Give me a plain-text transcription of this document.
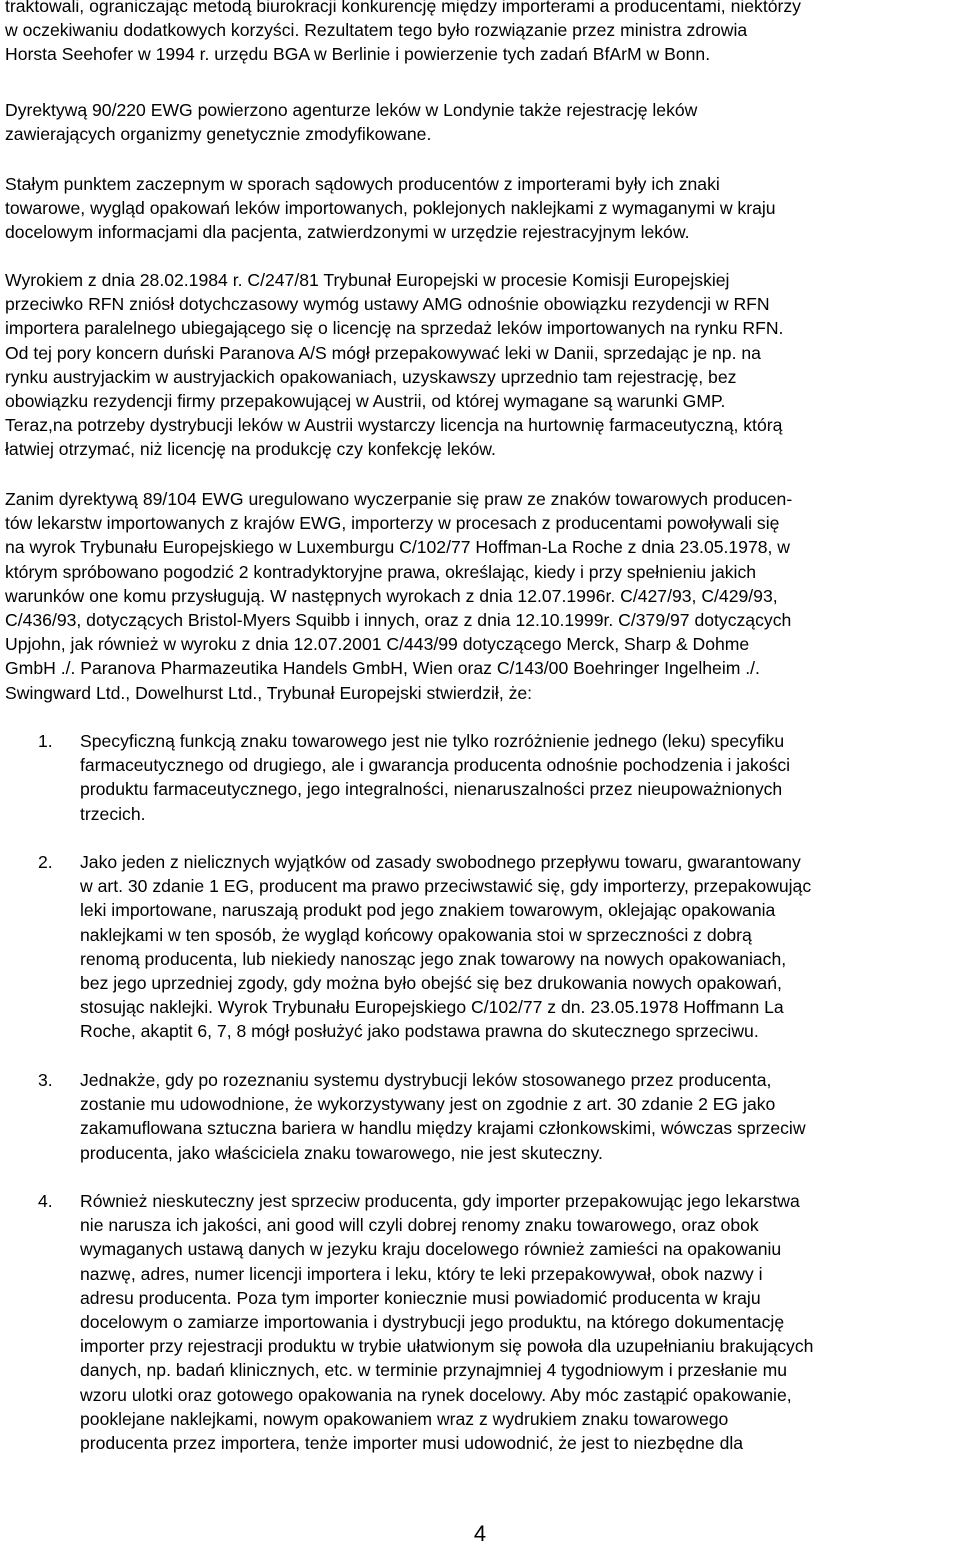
traktowali, ograniczając metodą biurokracji konkurencję między importerami a producentami, niektórzy
w oczekiwaniu dodatkowych korzyści. Rezultatem tego było rozwiązanie przez ministra zdrowia
Horsta Seehofer w 1994 r. urzędu BGA w Berlinie i powierzenie tych zadań BfArM w Bonn.
Dyrektywą 90/220 EWG powierzono agenturze leków w Londynie także rejestrację leków
zawierających organizmy genetycznie zmodyfikowane.
Stałym punktem zaczepnym w sporach sądowych producentów z importerami były ich znaki
towarowe, wygląd opakowań leków importowanych, poklejonych naklejkami z wymaganymi w kraju
docelowym informacjami dla pacjenta, zatwierdzonymi w urzędzie rejestracyjnym leków.
Wyrokiem z dnia 28.02.1984 r. C/247/81 Trybunał Europejski w procesie Komisji Europejskiej
przeciwko RFN zniósł dotychczasowy wymóg ustawy AMG odnośnie obowiązku rezydencji w RFN
importera paralelnego ubiegającego się o licencję na sprzedaż leków importowanych na rynku RFN.
Od tej pory koncern duński Paranova A/S mógł przepakowywać leki w Danii, sprzedając je np. na
rynku austryjackim w austryjackich opakowaniach, uzyskawszy uprzednio tam rejestrację, bez
obowiązku rezydencji firmy przepakowującej w Austrii, od której wymagane są warunki GMP.
Teraz,na potrzeby dystrybucji leków w Austrii wystarczy licencja na hurtownię farmaceutyczną, którą
łatwiej otrzymać, niż licencję na produkcję czy konfekcję leków.
Zanim dyrektywą 89/104 EWG uregulowano wyczerpanie się praw ze znaków towarowych producen-
tów lekarstw importowanych z krajów EWG, importerzy w procesach z producentami powoływali się
na wyrok Trybunału Europejskiego w Luxemburgu C/102/77 Hoffman-La Roche z dnia 23.05.1978, w
którym spróbowano pogodzić 2 kontradyktoryjne prawa, określając, kiedy i przy spełnieniu jakich
warunków one komu przysługują. W następnych wyrokach z dnia 12.07.1996r. C/427/93, C/429/93,
C/436/93, dotyczących Bristol-Myers Squibb i innych, oraz z dnia 12.10.1999r. C/379/97 dotyczących
Upjohn, jak również w wyroku z dnia 12.07.2001 C/443/99 dotyczącego Merck, Sharp & Dohme
GmbH ./. Paranova Pharmazeutika Handels GmbH, Wien oraz C/143/00 Boehringer Ingelheim ./.
Swingward Ltd., Dowelhurst Ltd., Trybunał Europejski stwierdził, że:
1. Specyficzną funkcją znaku towarowego jest nie tylko rozróżnienie jednego (leku) specyfiku
farmaceutycznego od drugiego, ale i gwarancja producenta odnośnie pochodzenia i jakości
produktu farmaceutycznego, jego integralności, nienaruszalności przez nieupoważnionych
trzecich.
2. Jako jeden z nielicznych wyjątków od zasady swobodnego przepływu towaru, gwarantowany
w art. 30 zdanie 1 EG, producent ma prawo przeciwstawić się, gdy importerzy, przepakowując
leki importowane, naruszają produkt pod jego znakiem towarowym, oklejając opakowania
naklejkami w ten sposób, że wygląd końcowy opakowania stoi w sprzeczności z dobrą
renomą producenta, lub niekiedy nanosząc jego znak towarowy na nowych opakowaniach,
bez jego uprzedniej zgody, gdy można było obejść się bez drukowania nowych opakowań,
stosując naklejki. Wyrok Trybunału Europejskiego C/102/77 z dn. 23.05.1978 Hoffmann La
Roche, akaptit 6, 7, 8 mógł posłużyć jako podstawa prawna do skutecznego sprzeciwu.
3. Jednakże, gdy po rozeznaniu systemu dystrybucji leków stosowanego przez producenta,
zostanie mu udowodnione, że wykorzystywany jest on zgodnie z art. 30 zdanie 2 EG jako
zakamuflowana sztuczna bariera w handlu między krajami członkowskimi, wówczas sprzeciw
producenta, jako właściciela znaku towarowego, nie jest skuteczny.
4. Również nieskuteczny jest sprzeciw producenta, gdy importer przepakowując jego lekarstwa
nie narusza ich jakości, ani good will czyli dobrej renomy znaku towarowego, oraz obok
wymaganych ustawą danych w jezyku kraju docelowego również zamieści na opakowaniu
nazwę, adres, numer licencji importera i leku, który te leki przepakowywał, obok nazwy i
adresu producenta. Poza tym importer koniecznie musi powiadomić producenta w kraju
docelowym o zamiarze importowania i dystrybucji jego produktu, na którego dokumentację
importer przy rejestracji produktu w trybie ułatwionym się powoła dla uzupełnianiu brakujących
danych, np. badań klinicznych, etc. w terminie przynajmniej 4 tygodniowym i przesłanie mu
wzoru ulotki oraz gotowego opakowania na rynek docelowy. Aby móc zastąpić opakowanie,
pooklejane naklejkami, nowym opakowaniem wraz z wydrukiem znaku towarowego
producenta przez importera, tenże importer musi udowodnić, że jest to niezbędne dla
4
